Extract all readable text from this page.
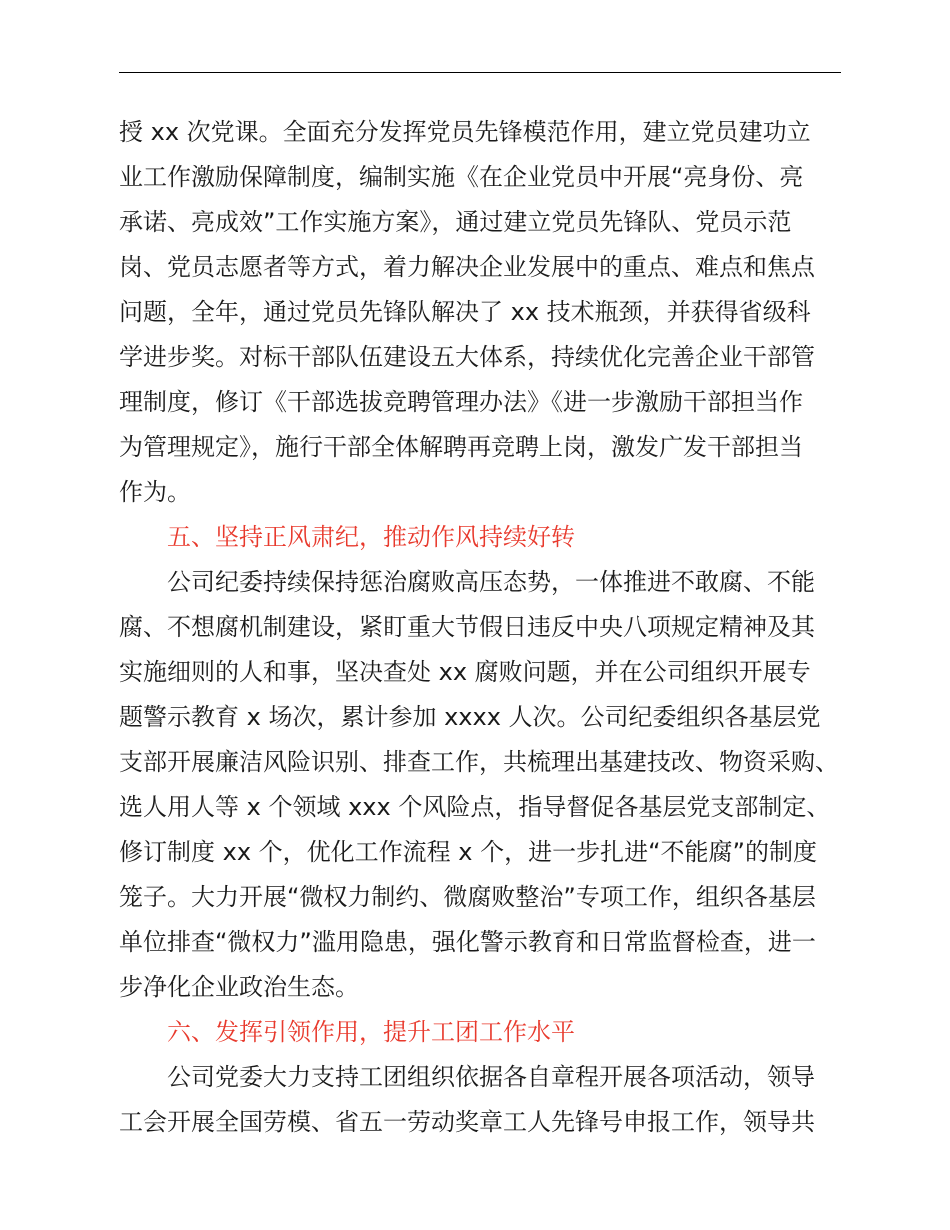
授 xx 次党课。全面充分发挥党员先锋模范作用，建立党员建功立
业工作激励保障制度，编制实施《在企业党员中开展“亮身份、亮
承诺、亮成效”工作实施方案》，通过建立党员先锋队、党员示范
岗、党员志愿者等方式，着力解决企业发展中的重点、难点和焦点
问题，全年，通过党员先锋队解决了 xx 技术瓶颈，并获得省级科
学进步奖。对标干部队伍建设五大体系，持续优化完善企业干部管
理制度，修订《干部选拔竞聘管理办法》《进一步激励干部担当作
为管理规定》，施行干部全体解聘再竞聘上岗，激发广发干部担当
作为。
五、坚持正风肃纪，推动作风持续好转
公司纪委持续保持惩治腐败高压态势，一体推进不敢腐、不能
腐、不想腐机制建设，紧盯重大节假日违反中央八项规定精神及其
实施细则的人和事，坚决查处 xx 腐败问题，并在公司组织开展专
题警示教育 x 场次，累计参加 xxxx 人次。公司纪委组织各基层党
支部开展廉洁风险识别、排查工作，共梳理出基建技改、物资采购、
选人用人等 x 个领域 xxx 个风险点，指导督促各基层党支部制定、
修订制度 xx 个，优化工作流程 x 个，进一步扎进“不能腐”的制度
笼子。大力开展“微权力制约、微腐败整治”专项工作，组织各基层
单位排查“微权力”滥用隐患，强化警示教育和日常监督检查，进一
步净化企业政治生态。
六、发挥引领作用，提升工团工作水平
公司党委大力支持工团组织依据各自章程开展各项活动，领导
工会开展全国劳模、省五一劳动奖章工人先锋号申报工作，领导共
